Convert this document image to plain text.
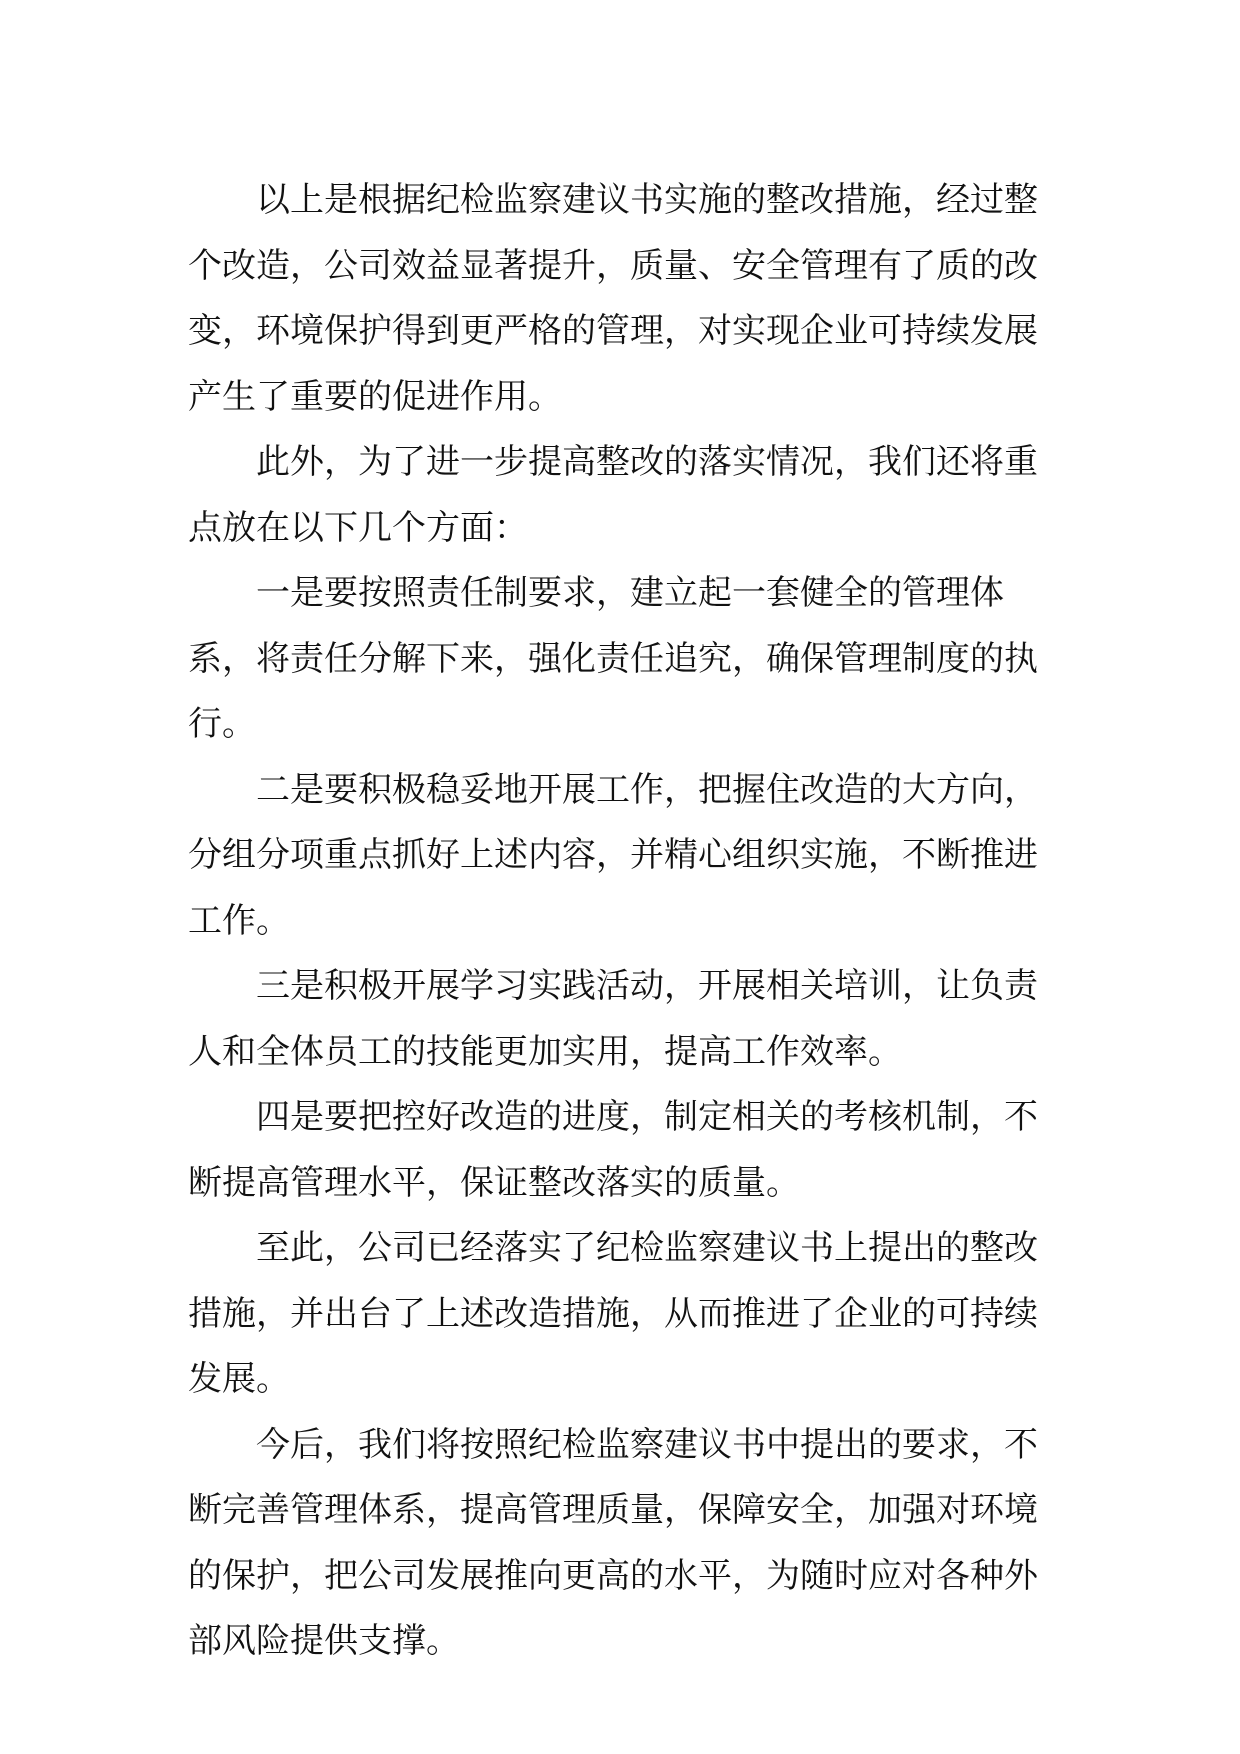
以上是根据纪检监察建议书实施的整改措施，经过整个改造，公司效益显著提升，质量、安全管理有了质的改变，环境保护得到更严格的管理，对实现企业可持续发展产生了重要的促进作用。

此外，为了进一步提高整改的落实情况，我们还将重点放在以下几个方面：

一是要按照责任制要求，建立起一套健全的管理体系，将责任分解下来，强化责任追究，确保管理制度的执行。

二是要积极稳妥地开展工作，把握住改造的大方向，分组分项重点抓好上述内容，并精心组织实施，不断推进工作。

三是积极开展学习实践活动，开展相关培训，让负责人和全体员工的技能更加实用，提高工作效率。

四是要把控好改造的进度，制定相关的考核机制，不断提高管理水平，保证整改落实的质量。

至此，公司已经落实了纪检监察建议书上提出的整改措施，并出台了上述改造措施，从而推进了企业的可持续发展。

今后，我们将按照纪检监察建议书中提出的要求，不断完善管理体系，提高管理质量，保障安全，加强对环境的保护，把公司发展推向更高的水平，为随时应对各种外部风险提供支撑。
